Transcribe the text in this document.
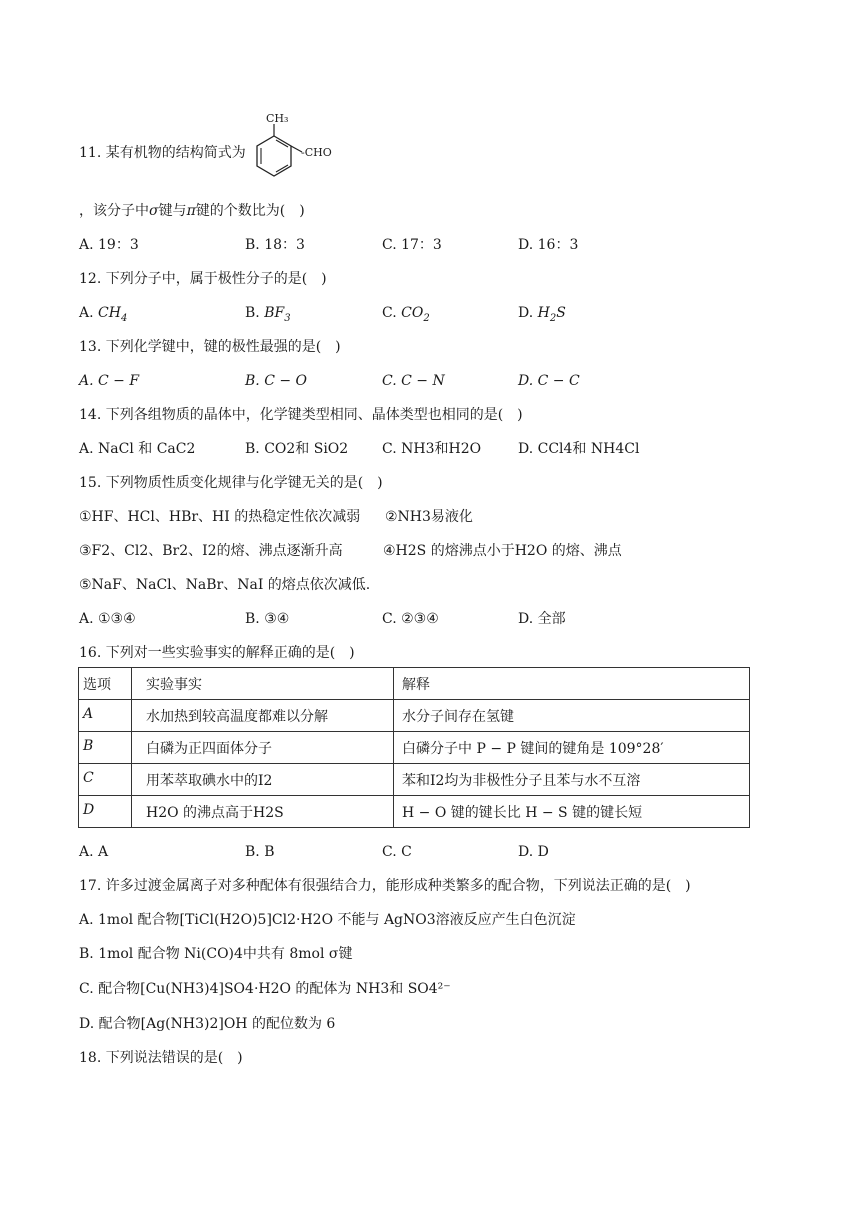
11. 某有机物的结构简式为
CH₃
-CHO
，该分子中σ键与π键的个数比为(　)
A. 19：3	B. 18：3	C. 17：3	D. 16：3
12. 下列分子中，属于极性分子的是(　)
A. $CH_4$	B. $BF_3$	C. $CO_2$	D. $H_2S$
13. 下列化学键中，键的极性最强的是(　)
A. C − F	B. C − O	C. C − N	D. C − C
14. 下列各组物质的晶体中，化学键类型相同、晶体类型也相同的是(　)
A. NaCl 和 CaC2	B. CO2和 SiO2 C. NH3和H2O	D. CCl4和 NH4Cl
15. 下列物质性质变化规律与化学键无关的是(　)
①HF、HCl、HBr、HI 的热稳定性依次减弱 ②NH3易液化
③F2、Cl2、Br2、I2的熔、沸点逐渐升高	④H2S 的熔沸点小于H2O 的熔、沸点
⑤NaF、NaCl、NaBr、NaI 的熔点依次减低.
A. ①③④	B. ③④	C. ②③④	D. 全部
16. 下列对一些实验事实的解释正确的是(　)
选项	实验事实	解释
A	水加热到较高温度都难以分解	水分子间存在氢键
B	白磷为正四面体分子	白磷分子中 P − P 键间的键角是 109°28′
C	用苯萃取碘水中的I2	苯和I2均为非极性分子且苯与水不互溶
D	H2O 的沸点高于H2S	H − O 键的键长比 H − S 键的键长短
A. A	B. B	C. C	D. D
17. 许多过渡金属离子对多种配体有很强结合力，能形成种类繁多的配合物，下列说法正确的是(　)
A. 1mol 配合物[TiCl(H2O)5]Cl2·H2O 不能与 AgNO3溶液反应产生白色沉淀
B. 1mol 配合物 Ni(CO)4中共有 8mol σ键
C. 配合物[Cu(NH3)4]SO4·H2O 的配体为 NH3和 SO4²⁻
D. 配合物[Ag(NH3)2]OH 的配位数为 6
18. 下列说法错误的是(　)
